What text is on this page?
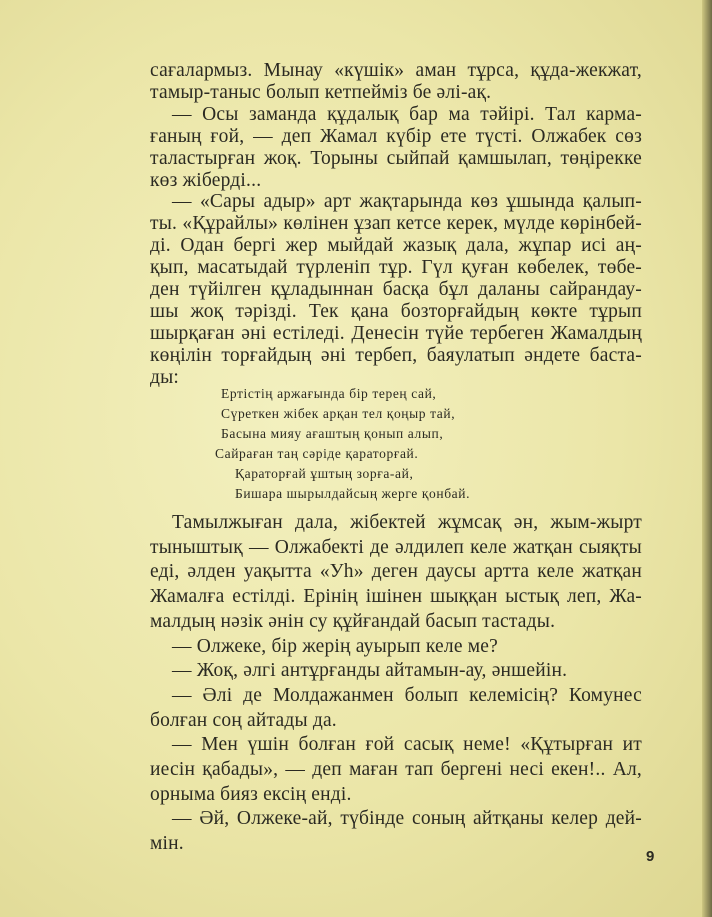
сағалармыз. Мынау «күшік» аман тұрса, құда-жекжат,
тамыр-таныс болып кетпейміз бе әлі-ақ.
— Осы заманда құдалық бар ма тәйірі. Тал карма-
ғаның ғой, — деп Жамал күбір ете түсті. Олжабек сөз
таластырған жоқ. Торыны сыйпай қамшылап, төңірекке
көз жіберді...
— «Сары адыр» арт жақтарында көз ұшында қалып-
ты. «Құрайлы» көлінен ұзап кетсе керек, мүлде көрінбей-
ді. Одан бергі жер мыйдай жазық дала, жұпар исі аң-
қып, масатыдай түрленіп тұр. Гүл қуған көбелек, төбе-
ден түйілген құладыннан басқа бұл даланы сайрандау-
шы жоқ тәрізді. Тек қана бозторғайдың көкте тұрып
шырқаған әні естіледі. Денесін түйе тербеген Жамалдың
көңілін торғайдың әні тербеп, баяулатып әндете баста-
ды:
Ертістің аржағында бір терең сай,
Сүреткен жібек арқан тел қоңыр тай,
Басына мияу ағаштың қонып алып,
Сайраған таң сәріде қараторғай.
Қараторғай ұштың зорға-ай,
Бишара шырылдайсың жерге қонбай.
Тамылжыған дала, жібектей жұмсақ ән, жым-жырт
тыныштық — Олжабекті де әлдилеп келе жатқан сыяқты
еді, әлден уақытта «Уһ» деген даусы артта келе жатқан
Жамалға естілді. Ерінің ішінен шыққан ыстық леп, Жа-
малдың нәзік әнін су құйғандай басып тастады.
— Олжеке, бір жерің ауырып келе ме?
— Жоқ, әлгі антұрғанды айтамын-ау, әншейін.
— Әлі де Молдажанмен болып келемісің? Комунес
болған соң айтады да.
— Мен үшін болған ғой сасық неме! «Құтырған ит
иесін қабады», — деп маған тап бергені несі екен!.. Ал,
орныма бияз ексің енді.
— Әй, Олжеке-ай, түбінде соның айтқаны келер дей-
мін.
9
